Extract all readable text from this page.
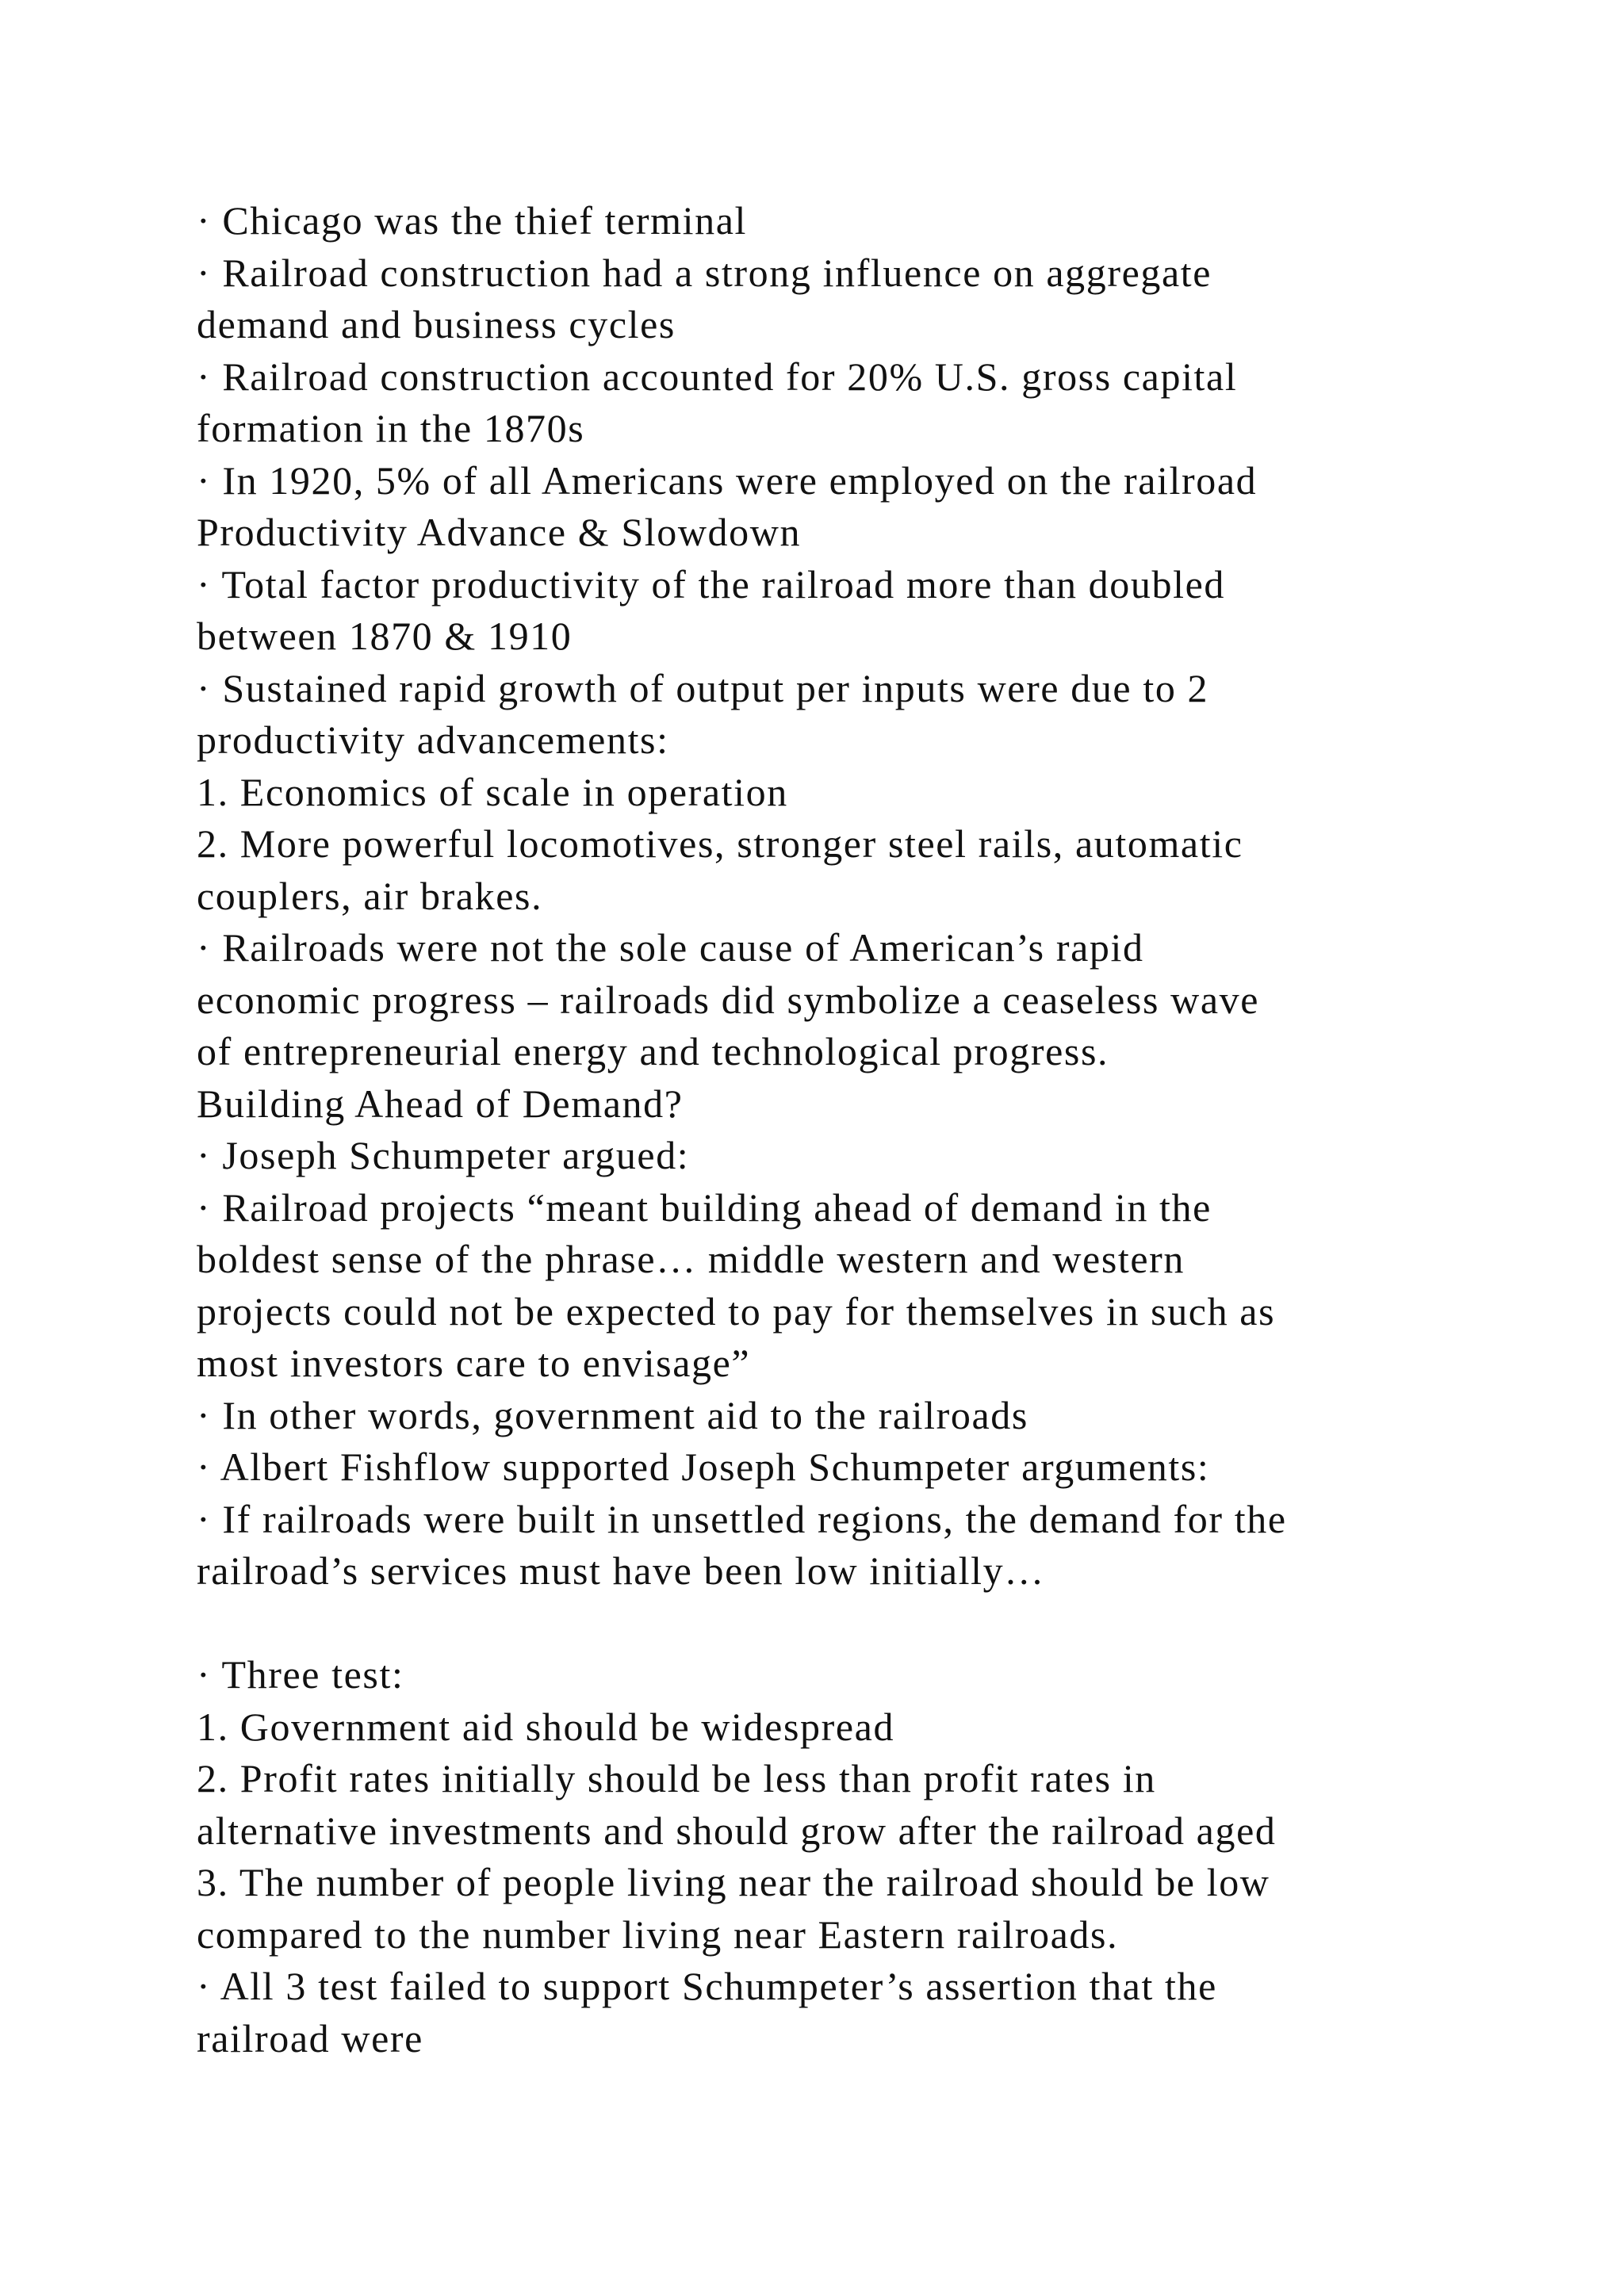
· Chicago was the thief terminal
· Railroad construction had a strong influence on aggregate
demand and business cycles
· Railroad construction accounted for 20% U.S. gross capital
formation in the 1870s
· In 1920, 5% of all Americans were employed on the railroad
Productivity Advance & Slowdown
· Total factor productivity of the railroad more than doubled
between 1870 & 1910
· Sustained rapid growth of output per inputs were due to 2
productivity advancements:
1. Economics of scale in operation
2. More powerful locomotives, stronger steel rails, automatic
couplers, air brakes.
· Railroads were not the sole cause of American’s rapid
economic progress – railroads did symbolize a ceaseless wave
of entrepreneurial energy and technological progress.
Building Ahead of Demand?
· Joseph Schumpeter argued:
· Railroad projects “meant building ahead of demand in the
boldest sense of the phrase… middle western and western
projects could not be expected to pay for themselves in such as
most investors care to envisage”
· In other words, government aid to the railroads
· Albert Fishflow supported Joseph Schumpeter arguments:
· If railroads were built in unsettled regions, the demand for the
railroad’s services must have been low initially…
· Three test:
1. Government aid should be widespread
2. Profit rates initially should be less than profit rates in
alternative investments and should grow after the railroad aged
3. The number of people living near the railroad should be low
compared to the number living near Eastern railroads.
· All 3 test failed to support Schumpeter’s assertion that the
railroad were
